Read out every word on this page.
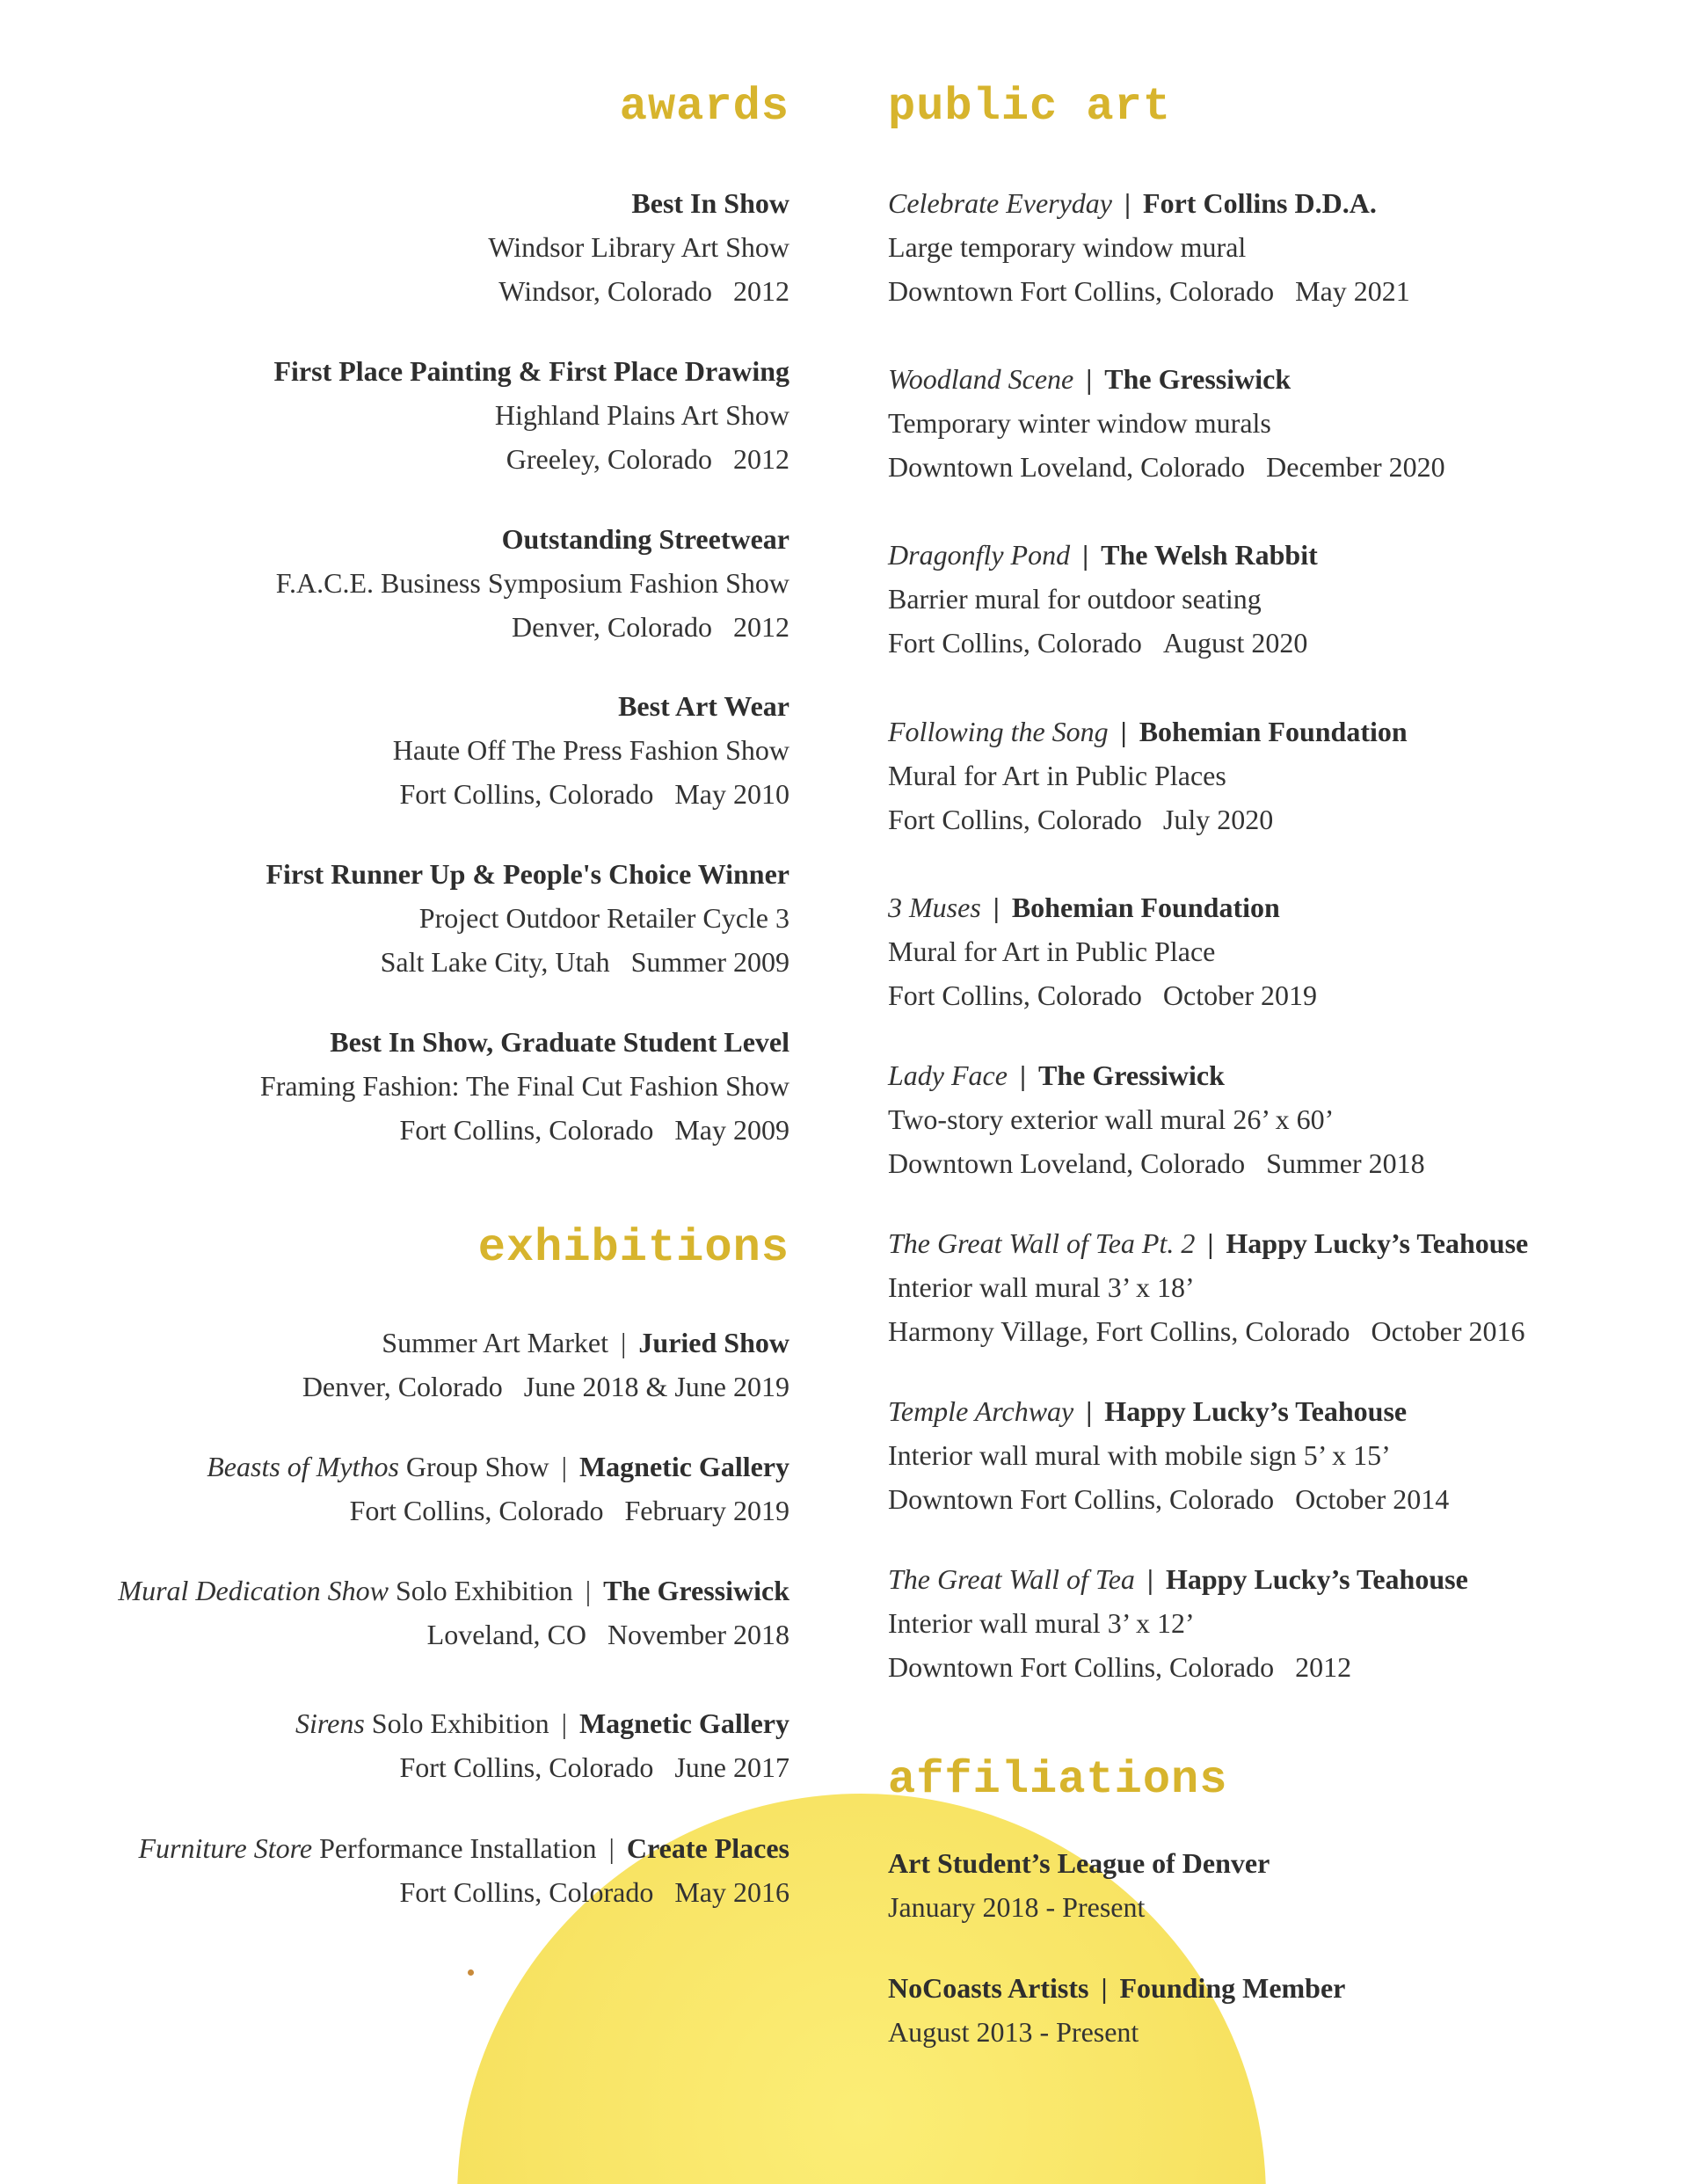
awards
Best In Show
Windsor Library Art Show
Windsor, Colorado 2012
First Place Painting & First Place Drawing
Highland Plains Art Show
Greeley, Colorado 2012
Outstanding Streetwear
F.A.C.E. Business Symposium Fashion Show
Denver, Colorado 2012
Best Art Wear
Haute Off The Press Fashion Show
Fort Collins, Colorado May 2010
First Runner Up & People's Choice Winner
Project Outdoor Retailer Cycle 3
Salt Lake City, Utah Summer 2009
Best In Show, Graduate Student Level
Framing Fashion: The Final Cut Fashion Show
Fort Collins, Colorado May 2009
exhibitions
Summer Art Market | Juried Show
Denver, Colorado June 2018 & June 2019
Beasts of Mythos Group Show | Magnetic Gallery
Fort Collins, Colorado February 2019
Mural Dedication Show Solo Exhibition | The Gressiwick
Loveland, CO November 2018
Sirens Solo Exhibition | Magnetic Gallery
Fort Collins, Colorado June 2017
Furniture Store Performance Installation | Create Places
Fort Collins, Colorado May 2016
public art
Celebrate Everyday | Fort Collins D.D.A.
Large temporary window mural
Downtown Fort Collins, Colorado May 2021
Woodland Scene | The Gressiwick
Temporary winter window murals
Downtown Loveland, Colorado December 2020
Dragonfly Pond | The Welsh Rabbit
Barrier mural for outdoor seating
Fort Collins, Colorado August 2020
Following the Song | Bohemian Foundation
Mural for Art in Public Places
Fort Collins, Colorado July 2020
3 Muses | Bohemian Foundation
Mural for Art in Public Place
Fort Collins, Colorado October 2019
Lady Face | The Gressiwick
Two-story exterior wall mural 26’ x 60’
Downtown Loveland, Colorado Summer 2018
The Great Wall of Tea Pt. 2 | Happy Lucky’s Teahouse
Interior wall mural 3’ x 18’
Harmony Village, Fort Collins, Colorado October 2016
Temple Archway | Happy Lucky’s Teahouse
Interior wall mural with mobile sign 5’ x 15’
Downtown Fort Collins, Colorado October 2014
The Great Wall of Tea | Happy Lucky’s Teahouse
Interior wall mural 3’ x 12’
Downtown Fort Collins, Colorado 2012
affiliations
Art Student’s League of Denver
January 2018 - Present
NoCoasts Artists | Founding Member
August 2013 - Present
